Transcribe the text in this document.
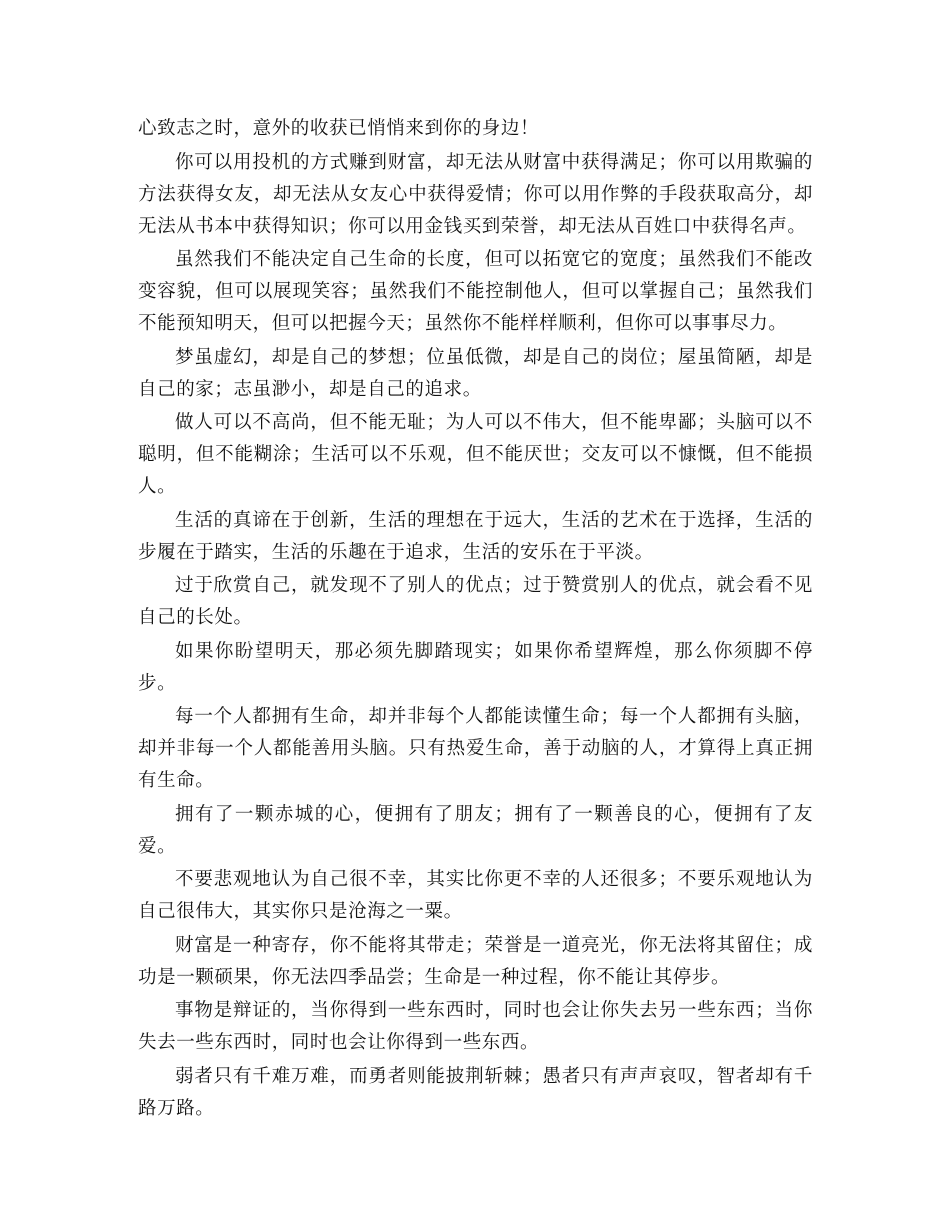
心致志之时，意外的收获已悄悄来到你的身边！

你可以用投机的方式赚到财富，却无法从财富中获得满足；你可以用欺骗的方法获得女友，却无法从女友心中获得爱情；你可以用作弊的手段获取高分，却无法从书本中获得知识；你可以用金钱买到荣誉，却无法从百姓口中获得名声。

虽然我们不能决定自己生命的长度，但可以拓宽它的宽度；虽然我们不能改变容貌，但可以展现笑容；虽然我们不能控制他人，但可以掌握自己；虽然我们不能预知明天，但可以把握今天；虽然你不能样样顺利，但你可以事事尽力。

梦虽虚幻，却是自己的梦想；位虽低微，却是自己的岗位；屋虽简陋，却是自己的家；志虽渺小，却是自己的追求。

做人可以不高尚，但不能无耻；为人可以不伟大，但不能卑鄙；头脑可以不聪明，但不能糊涂；生活可以不乐观，但不能厌世；交友可以不慷慨，但不能损人。

生活的真谛在于创新，生活的理想在于远大，生活的艺术在于选择，生活的步履在于踏实，生活的乐趣在于追求，生活的安乐在于平淡。

过于欣赏自己，就发现不了别人的优点；过于赞赏别人的优点，就会看不见自己的长处。

如果你盼望明天，那必须先脚踏现实；如果你希望辉煌，那么你须脚不停步。

每一个人都拥有生命，却并非每个人都能读懂生命；每一个人都拥有头脑，却并非每一个人都能善用头脑。只有热爱生命，善于动脑的人，才算得上真正拥有生命。

拥有了一颗赤城的心，便拥有了朋友；拥有了一颗善良的心，便拥有了友爱。

不要悲观地认为自己很不幸，其实比你更不幸的人还很多；不要乐观地认为自己很伟大，其实你只是沧海之一粟。

财富是一种寄存，你不能将其带走；荣誉是一道亮光，你无法将其留住；成功是一颗硕果，你无法四季品尝；生命是一种过程，你不能让其停步。

事物是辩证的，当你得到一些东西时，同时也会让你失去另一些东西；当你失去一些东西时，同时也会让你得到一些东西。

弱者只有千难万难，而勇者则能披荆斩棘；愚者只有声声哀叹，智者却有千路万路。
